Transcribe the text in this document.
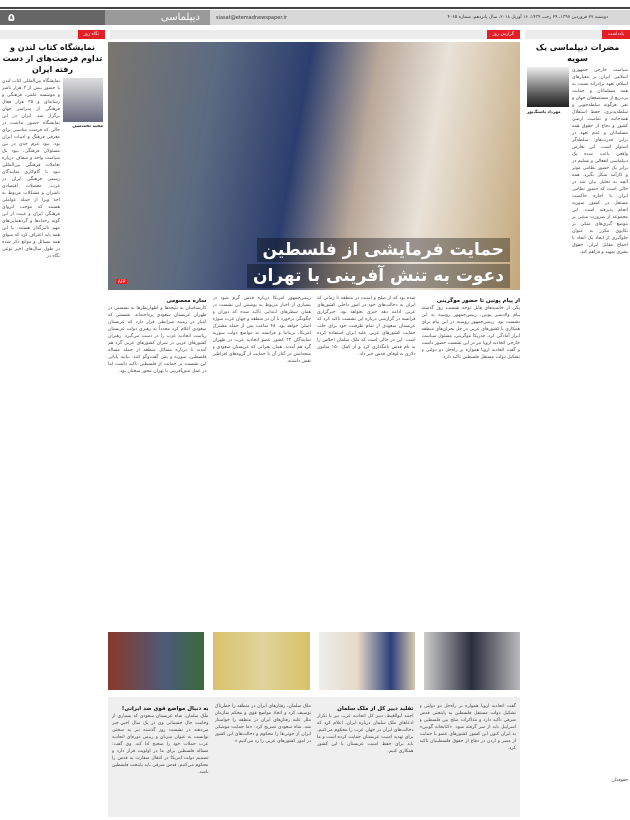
۵	دیپلماسی	siasat@etemadnewspaper.ir	دوشنبه ۲۷ فروردین ۱۳۹۷، ۲۹ رجب ۱۴۳۹، ۱۶ آوریل ۲۰۱۸، سال پانزدهم، شماره ۴۰۶۵
نگاه روز	گزارش روز	یادداشت
نمایشگاه کتاب لندن و تداوم فرصت‌های از دست رفته ایران
مجید تخت‌شی
نمایشگاه بین‌المللی کتاب لندن با حضور بیش از ۲ هزار ناشر و موسسه علمی، فرهنگی و رسانه‌ای و ۲۵ هزار فعال فرهنگی از سراسر جهان برگزار شد. ایران در این نمایشگاه حضور نداشت در حالی که فرصت مناسبی برای معرفی فرهنگ و ادبیات ایران بود. نبود عزم جدی در بین مسئولان فرهنگی، نبود یک سیاست واحد و شفاف درباره تعاملات فرهنگی بین‌المللی نبود با گام‌کاری نمایندگان رسمی فرهنگی ایران در غرب، معضلات اقتصادی ناشران و مشکلات مربوط به اخذ ویزا از جمله عواملی هستند که موجب انزوای فرهنگی ایران و غیبت از این گونه رخدادها و گردهمایی‌های مهم تاثیرگذار هستند. با این همه باید اعتراف کرد که سوای همه مسائل و موانع ذکر شده در طول سال‌های اخیر نوعی نگاه در
AFP
حمایت فرمایشی از فلسطین
دعوت به تنش آفرینی با تهران
از پیام پوتین تا حضور موگرینی
یکی از حاشیه‌های قابل توجه نشست روز گذشته پیام ولادیمیر پوتین، رییس‌جمهور روسیه به این نشست بود. رییس‌جمهور روسیه در این پیام برای همکاری با کشورهای عربی در حل بحران‌های منطقه ابراز آمادگی کرد. فدریکا موگرینی، مسئول سیاست خارجی اتحادیه اروپا نیز در این نشست حضور داشت و گفت اتحادیه اروپا همواره بر راه‌حل دو دولتی و تشکیل دولت مستقل فلسطین تاکید دارد.
شده بود که از صلح و امنیت در منطقه تا زمانی که ایران به دخالت‌های خود در امور داخلی کشورهای عربی ادامه دهد خبری نخواهد بود. خبرگزاری فرانسه در گزارشی درباره این نشست تاکید کرد که عربستان سعودی از تمام ظرفیت خود برای جلب حمایت کشورهای عربی علیه ایران استفاده کرده است. این در حالی است که ملک سلمان اجلاس را به نام قدس نامگذاری کرد و از کمک ۱۵۰ میلیون دلاری به اوقاف قدس خبر داد.
رییس‌جمهور امریکا درباره قدس گرم شود در بسیاری از اخبار مربوط به پوشش این نشست در همان سطرهای ابتدایی تاکید شده که دوران و چگونگی برخورد با آن در منطقه و جهان عرب سوژه اصلی خواهد بود. ۴۸ ساعت پس از حمله مشترک امریکا، بریتانیا و فرانسه به مواضع دولت سوریه نمایندگان ۲۲ کشور عضو اتحادیه عرب در ظهران گرد هم آمدند. همان بحرانی که عربستان سعودی و متحدانش در آغاز آن با حمایت از گروه‌های افراطی نقش داشتند.
ساره معصومی
کارشناسان به نتیجه‌ها و اظهارنظرها به نشستی در ظهران عربستان سعودی پرداخته‌اند. نشستی که اینبار در زمینه شرایطی قرار دارد که عربستان سعودی اعلام کرد مجدداً به رهبری دولت عربستان ریاست اتحادیه عرب را در دست می‌گیرد. رهبران کشورهای عربی در سران کشورهای عربی گرد هم آمدند تا درباره مسائل منطقه از جمله مساله فلسطین، سوریه و یمن گفت‌وگو کنند. بیانیه پایانی این نشست بر حمایت از فلسطین تاکید داشت اما در عمل تنش‌آفرینی با تهران محور سخنان بود.
گفت اتحادیه اروپا همواره بر راه‌حل دو دولتی و تشکیل دولت مستقل فلسطین به پایتختی قدس شرقی تاکید دارد و مذاکرات صلح بین فلسطین و اسراییل باید از سر گرفته شود. «کتابخانه گوبین» به ایران کنون این کشور کشورهای عضو با حمایت از مصر و اردن در دفاع از حقوق فلسطینیان تاکید کرد.
تقلید دبیر کل از ملک سلمان
احمد ابوالغیط، دبیر کل اتحادیه عرب نیز با تکرار ادعاهای ملک سلمان درباره ایران، اعلام کرد که دخالت‌های ایران در جهان عرب را محکوم می‌کنیم. برای تهدید امنیت عربستان حمایت کرده است و ما باید برای حفظ امنیت عربستان با این کشور همکاری کنیم.
ملک سلمان، رفتارهای ایران در منطقه را خطرناک توصیف کرد و اتخاذ مواضع قوی و محکم سازمان ملل علیه رفتارهای ایران در منطقه را خواستار شد. شاه سعودی تصریح کرد: «ما حمایت موشکی ایران از حوثی‌ها را محکوم و دخالت‌های این کشور در امور کشورهای عربی را رد می‌کنیم.»
به دنبال مواضع قوی ضد ایرانی!
ملک سلمان، شاه عربستان سعودی که بسیاری از وخامت حال جسمانی وی در یک سال اخیر خبر می‌دهند در نشست روز گذشته نیز به سختی توانست به عنوان میزبان و رییس دوره‌ای اتحادیه عرب حملات خود را صحیح ادا کند. وی گفت: مساله فلسطین برای ما در اولویت قرار دارد و تصمیم دولت امریکا در انتقال سفارت به قدس را محکوم می‌کنیم. قدس شرقی باید پایتخت فلسطین باشد.
مضرات دیپلماسی یک سویه
مهرداد پاشنگ‌پور
سیاست خارجی جمهوری اسلامی ایران بر معیارهای اسلام، تعهد برادرانه نسبت به همه مسلمانان و حمایت بی‌دریغ از مستضعفان جهان و نفی هرگونه سلطه‌جویی و سلطه‌پذیری، حفظ استقلال همه‌جانبه و تمامیت ارضی کشور و دفاع از حقوق همه مسلمانان و عدم تعهد در برابر قدرت‌های سلطه‌گر استوار است. این تعارض واقعی باعث شده یک دیپلماسی انفعالی و تسلیم در برابر یک حضور نظامی موثر و کارآمد شکل بگیرد. همه آنچه به تحلیل بیان شد در حالی است که حضور نظامی ایران با اجازه حاکمیت مستقل در کشور سوریه انجام پذیرفته است. این مجموعه از ضرورت مبتنی بر موضع گیری‌های متکی بر تکاپوی مکرر به عنوان جلوگیری از ایجاد یک اتحاد با اجماع مقابل ایران. حقوق بشری تمهید و فراهم کند.
حقوقدان
